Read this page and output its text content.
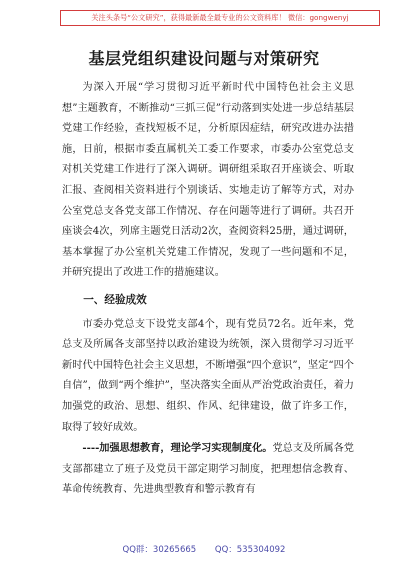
关注头条号“公文研究”，获得最新最全最专业的公文资料库！ 微信：gongwenyj
基层党组织建设问题与对策研究

为深入开展“学习贯彻习近平新时代中国特色社会主义思想”主题教育，不断推动“三抓三促”行动落到实处进一步总结基层党建工作经验，查找短板不足，分析原因症结，研究改进办法措施，日前，根据市委直属机关工委工作要求，市委办公室党总支对机关党建工作进行了深入调研。调研组采取召开座谈会、听取汇报、查阅相关资料进行个别谈话、实地走访了解等方式，对办公室党总支各党支部工作情况、存在问题等进行了调研。共召开座谈会4次，列席主题党日活动2次，查阅资料25册，通过调研，基本掌握了办公室机关党建工作情况，发现了一些问题和不足，并研究提出了改进工作的措施建议。

一、经验成效

市委办党总支下设党支部4个，现有党员72名。近年来，党总支及所属各支部坚持以政治建设为统领，深入贯彻学习习近平新时代中国特色社会主义思想，不断增强“四个意识”，坚定“四个自信”，做到“两个维护”，坚决落实全面从严治党政治责任，着力加强党的政治、思想、组织、作风、纪律建设，做了许多工作，取得了较好成效。

----加强思想教育，理论学习实现制度化。党总支及所属各党支部都建立了班子及党员干部定期学习制度，把理想信念教育、革命传统教育、先进典型教育和警示教育有

QQ群：30265665 QQ：535304092
